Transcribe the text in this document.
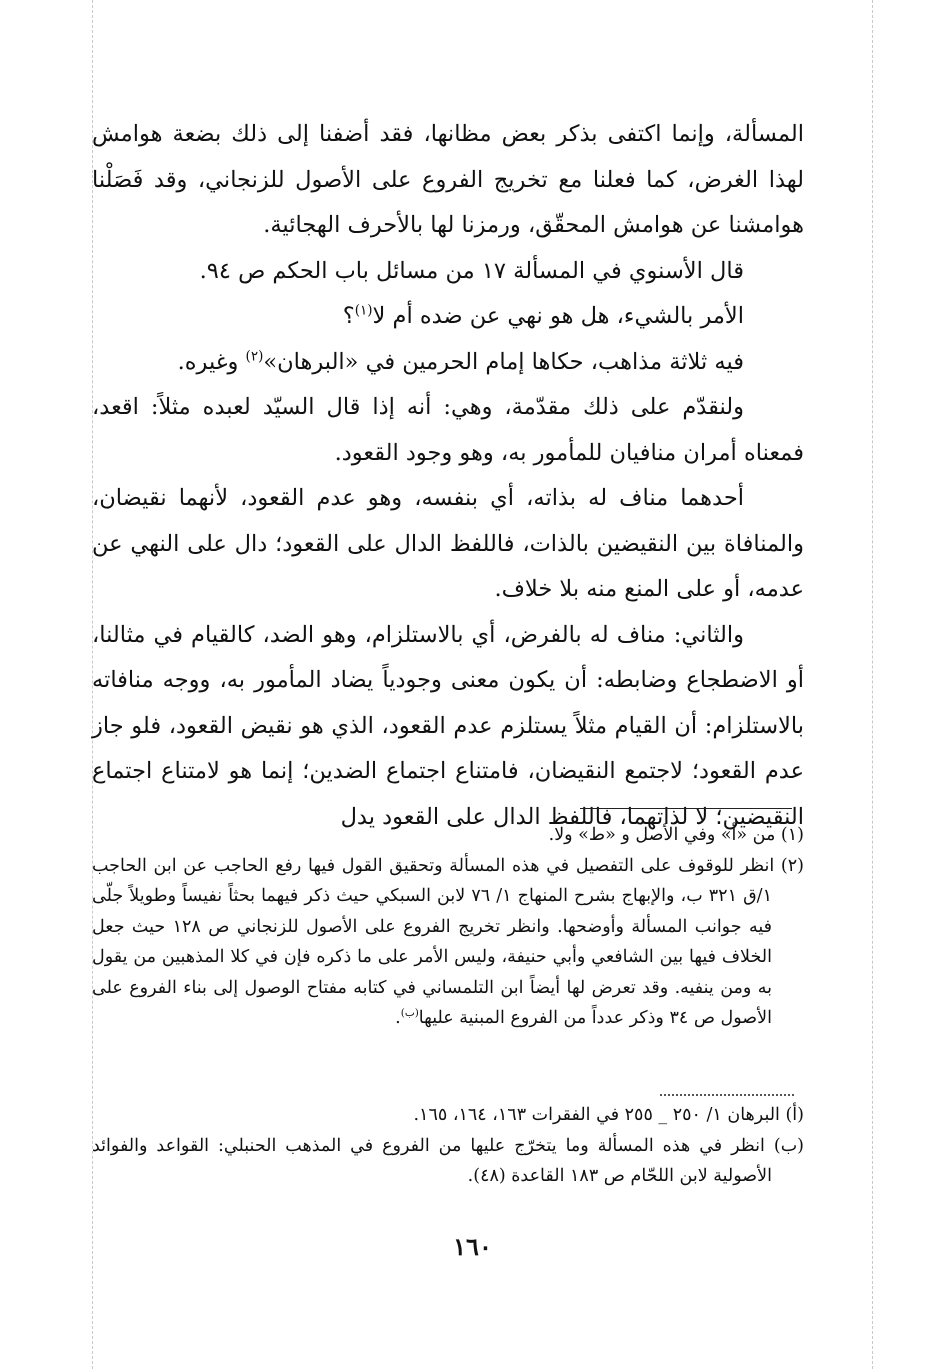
المسألة، وإنما اكتفى بذكر بعض مظانها، فقد أضفنا إلى ذلك بضعة هوامش لهذا الغرض، كما فعلنا مع تخريج الفروع على الأصول للزنجاني، وقد فَصَلْنا هوامشنا عن هوامش المحقّق، ورمزنا لها بالأحرف الهجائية.

قال الأسنوي في المسألة ١٧ من مسائل باب الحكم ص ٩٤.

الأمر بالشيء، هل هو نهي عن ضده أم لا$^{(١)}$؟

فيه ثلاثة مذاهب، حكاها إمام الحرمين في «البرهان»$^{(٢)}$ وغيره.

ولنقدّم على ذلك مقدّمة، وهي: أنه إذا قال السيّد لعبده مثلاً: اقعد، فمعناه أمران منافيان للمأمور به، وهو وجود القعود.

أحدهما مناف له بذاته، أي بنفسه، وهو عدم القعود، لأنهما نقيضان، والمنافاة بين النقيضين بالذات، فاللفظ الدال على القعود؛ دال على النهي عن عدمه، أو على المنع منه بلا خلاف.

والثاني: مناف له بالفرض، أي بالاستلزام، وهو الضد، كالقيام في مثالنا، أو الاضطجاع وضابطه: أن يكون معنى وجودياً يضاد المأمور به، ووجه منافاته بالاستلزام: أن القيام مثلاً يستلزم عدم القعود، الذي هو نقيض القعود، فلو جاز عدم القعود؛ لاجتمع النقيضان، فامتناع اجتماع الضدين؛ إنما هو لامتناع اجتماع النقيضين؛ لا لذاتهما، فاللفظ الدال على القعود يدل

(١) من «أ» وفي الأصل و «ط» ولا.

(٢) انظر للوقوف على التفصيل في هذه المسألة وتحقيق القول فيها رفع الحاجب عن ابن الحاجب ١/ق ٣٢١ ب، والإبهاج بشرح المنهاج ١/ ٧٦ لابن السبكي حيث ذكر فيهما بحثاً نفيساً وطويلاً جلّى فيه جوانب المسألة وأوضحها. وانظر تخريج الفروع على الأصول للزنجاني ص ١٢٨ حيث جعل الخلاف فيها بين الشافعي وأبي حنيفة، وليس الأمر على ما ذكره فإن في كلا المذهبين من يقول به ومن ينفيه. وقد تعرض لها أيضاً ابن التلمساني في كتابه مفتاح الوصول إلى بناء الفروع على الأصول ص ٣٤ وذكر عدداً من الفروع المبنية عليها$^{(ب)}$.

(أ) البرهان ١/ ٢٥٠ _ ٢٥٥ في الفقرات ١٦٣، ١٦٤، ١٦٥.

(ب) انظر في هذه المسألة وما يتخرّج عليها من الفروع في المذهب الحنبلي: القواعد والفوائد الأصولية لابن اللحّام ص ١٨٣ القاعدة (٤٨).

١٦٠
